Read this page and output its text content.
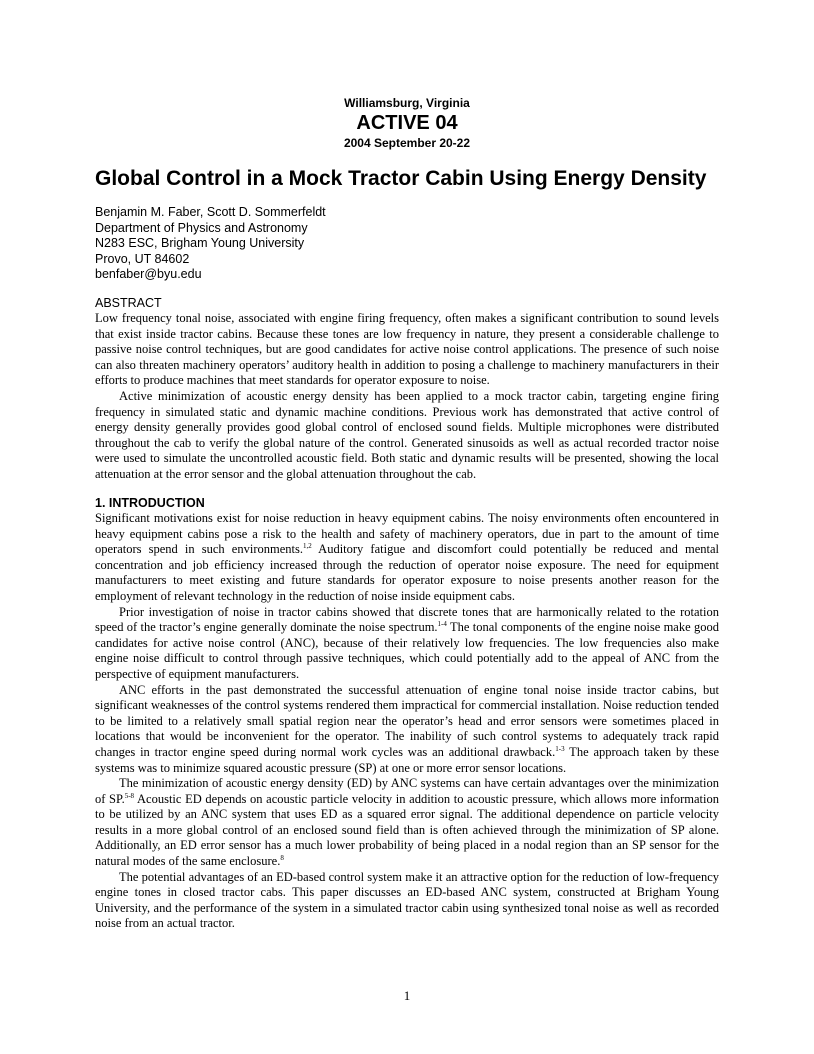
Williamsburg, Virginia
ACTIVE 04
2004 September 20-22
Global Control in a Mock Tractor Cabin Using Energy Density
Benjamin M. Faber, Scott D. Sommerfeldt
Department of Physics and Astronomy
N283 ESC, Brigham Young University
Provo, UT 84602
benfaber@byu.edu
ABSTRACT

Low frequency tonal noise, associated with engine firing frequency, often makes a significant contribution to sound levels that exist inside tractor cabins. Because these tones are low frequency in nature, they present a considerable challenge to passive noise control techniques, but are good candidates for active noise control applications. The presence of such noise can also threaten machinery operators’ auditory health in addition to posing a challenge to machinery manufacturers in their efforts to produce machines that meet standards for operator exposure to noise.

Active minimization of acoustic energy density has been applied to a mock tractor cabin, targeting engine firing frequency in simulated static and dynamic machine conditions. Previous work has demonstrated that active control of energy density generally provides good global control of enclosed sound fields. Multiple microphones were distributed throughout the cab to verify the global nature of the control. Generated sinusoids as well as actual recorded tractor noise were used to simulate the uncontrolled acoustic field. Both static and dynamic results will be presented, showing the local attenuation at the error sensor and the global attenuation throughout the cab.

1. INTRODUCTION

Significant motivations exist for noise reduction in heavy equipment cabins. The noisy environments often encountered in heavy equipment cabins pose a risk to the health and safety of machinery operators, due in part to the amount of time operators spend in such environments.$^{1,2}$ Auditory fatigue and discomfort could potentially be reduced and mental concentration and job efficiency increased through the reduction of operator noise exposure. The need for equipment manufacturers to meet existing and future standards for operator exposure to noise presents another reason for the employment of relevant technology in the reduction of noise inside equipment cabs.

Prior investigation of noise in tractor cabins showed that discrete tones that are harmonically related to the rotation speed of the tractor’s engine generally dominate the noise spectrum.$^{1-4}$ The tonal components of the engine noise make good candidates for active noise control (ANC), because of their relatively low frequencies. The low frequencies also make engine noise difficult to control through passive techniques, which could potentially add to the appeal of ANC from the perspective of equipment manufacturers.

ANC efforts in the past demonstrated the successful attenuation of engine tonal noise inside tractor cabins, but significant weaknesses of the control systems rendered them impractical for commercial installation. Noise reduction tended to be limited to a relatively small spatial region near the operator’s head and error sensors were sometimes placed in locations that would be inconvenient for the operator. The inability of such control systems to adequately track rapid changes in tractor engine speed during normal work cycles was an additional drawback.$^{1-3}$ The approach taken by these systems was to minimize squared acoustic pressure (SP) at one or more error sensor locations.

The minimization of acoustic energy density (ED) by ANC systems can have certain advantages over the minimization of SP.$^{5-8}$ Acoustic ED depends on acoustic particle velocity in addition to acoustic pressure, which allows more information to be utilized by an ANC system that uses ED as a squared error signal. The additional dependence on particle velocity results in a more global control of an enclosed sound field than is often achieved through the minimization of SP alone. Additionally, an ED error sensor has a much lower probability of being placed in a nodal region than an SP sensor for the natural modes of the same enclosure.$^8$

The potential advantages of an ED-based control system make it an attractive option for the reduction of low-frequency engine tones in closed tractor cabs. This paper discusses an ED-based ANC system, constructed at Brigham Young University, and the performance of the system in a simulated tractor cabin using synthesized tonal noise as well as recorded noise from an actual tractor.

1
